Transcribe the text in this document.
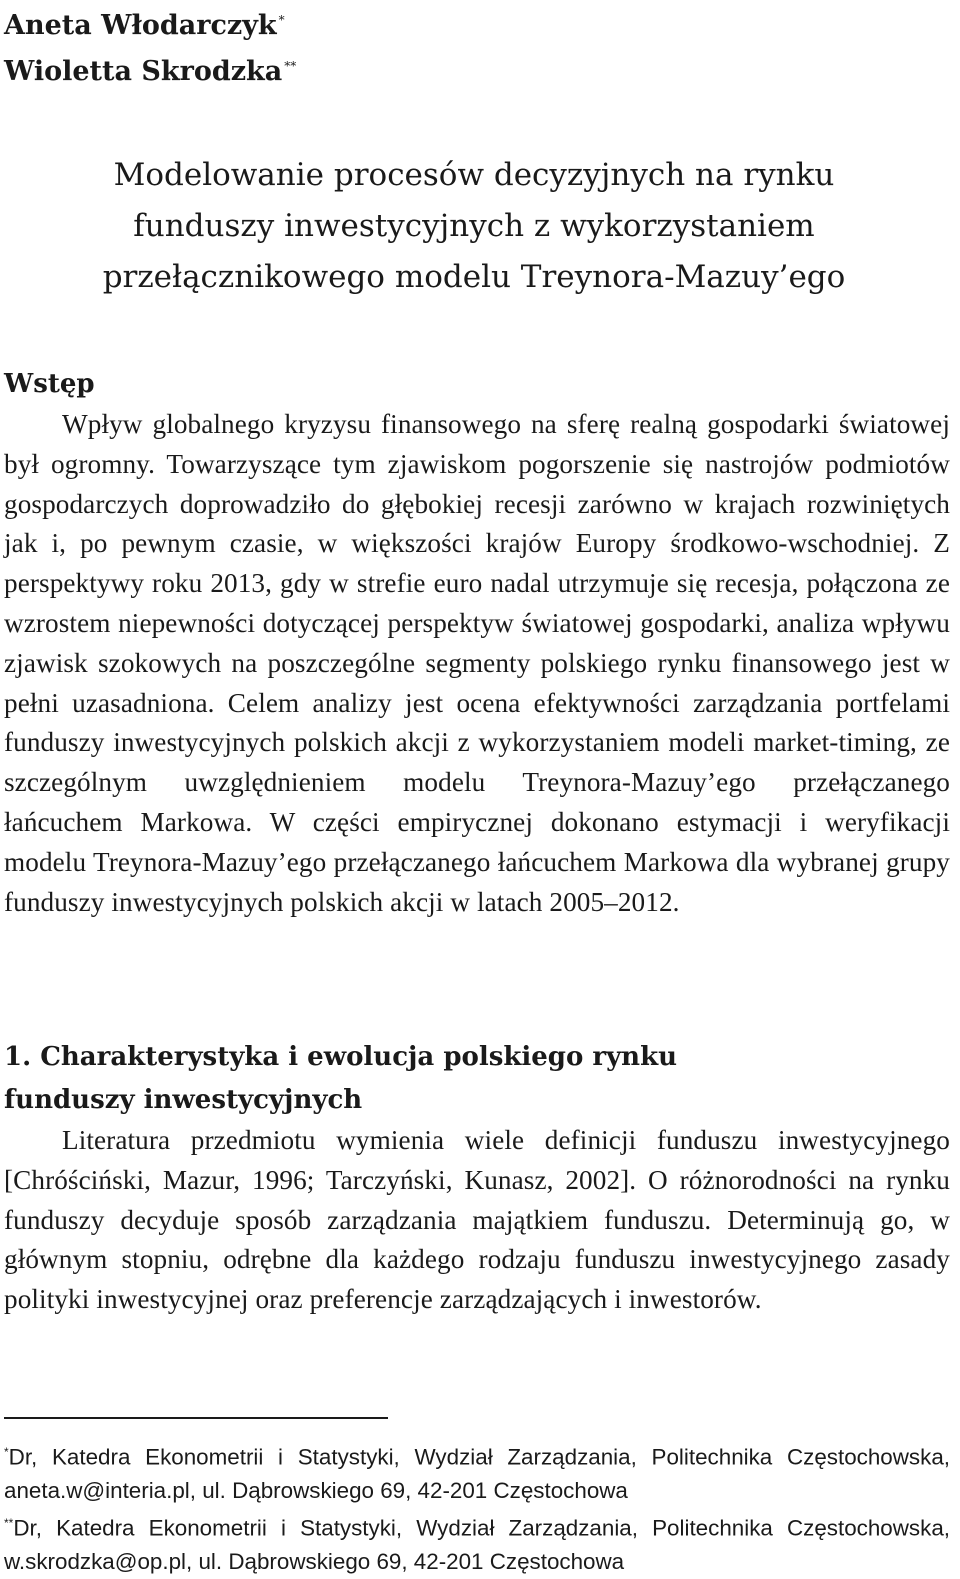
Aneta Włodarczyk *
Wioletta Skrodzka **
Modelowanie procesów decyzyjnych na rynku
funduszy inwestycyjnych z wykorzystaniem
przełącznikowego modelu Treynora-Mazuy’ego
Wstęp

Wpływ globalnego kryzysu finansowego na sferę realną gospodarki światowej był ogromny. Towarzyszące tym zjawiskom pogorszenie się nastrojów podmiotów gospodarczych doprowadziło do głębokiej recesji zarówno w krajach rozwiniętych jak i, po pewnym czasie, w większości krajów Europy środkowo-wschodniej. Z perspektywy roku 2013, gdy w strefie euro nadal utrzymuje się recesja, połączona ze wzrostem niepewności dotyczącej perspektyw światowej gospodarki, analiza wpływu zjawisk szokowych na poszczególne segmenty polskiego rynku finansowego jest w pełni uzasadniona. Celem analizy jest ocena efektywności zarządzania portfelami funduszy inwestycyjnych polskich akcji z wykorzystaniem modeli market-timing, ze szczególnym uwzględnieniem modelu Treynora-Mazuy’ego przełączanego łańcuchem Markowa. W części empirycznej dokonano estymacji i weryfikacji modelu Treynora-Mazuy’ego przełączanego łańcuchem Markowa dla wybranej grupy funduszy inwestycyjnych polskich akcji w latach 2005–2012.

1. Charakterystyka i ewolucja polskiego rynku
funduszy inwestycyjnych

Literatura przedmiotu wymienia wiele definicji funduszu inwestycyjnego [Chróściński, Mazur, 1996; Tarczyński, Kunasz, 2002]. O różnorodności na rynku funduszy decyduje sposób zarządzania majątkiem funduszu. Determinują go, w głównym stopniu, odrębne dla każdego rodzaju funduszu inwestycyjnego zasady polityki inwestycyjnej oraz preferencje zarządzających i inwestorów.

*Dr, Katedra Ekonometrii i Statystyki, Wydział Zarządzania, Politechnika Częstochowska, aneta.w@interia.pl, ul. Dąbrowskiego 69, 42-201 Częstochowa

**Dr, Katedra Ekonometrii i Statystyki, Wydział Zarządzania, Politechnika Częstochowska, w.skrodzka@op.pl, ul. Dąbrowskiego 69, 42-201 Częstochowa
